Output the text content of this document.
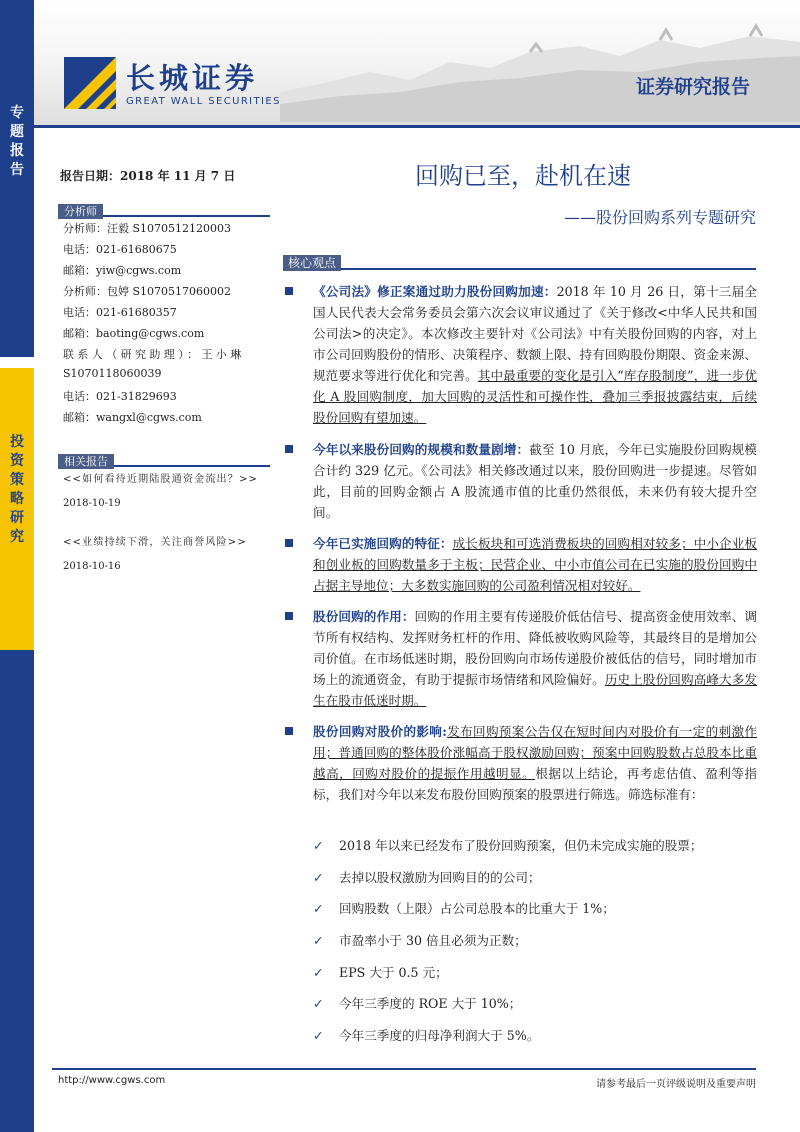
专
题
报
告
投
资
策
略
研
究
长城证券
GREAT WALL SECURITIES
证券研究报告
报告日期：2018 年 11 月 7 日
分析师
分析师：汪毅 S1070512120003
电话：021-61680675
邮箱：yiw@cgws.com
分析师：包婷 S1070517060002
电话：021-61680357
邮箱：baoting@cgws.com
联系人（研究助理）：王小琳
S1070118060039
电话：021-31829693
邮箱：wangxl@cgws.com
相关报告
<<如何看待近期陆股通资金流出？>>
2018-10-19
<<业绩持续下滑，关注商誉风险>>
2018-10-16
回购已至，赴机在速
——股份回购系列专题研究
核心观点

《公司法》修正案通过助力股份回购加速：2018 年 10 月 26 日，第十三届全国人民代表大会常务委员会第六次会议审议通过了《关于修改<中华人民共和国公司法>的决定》。本次修改主要针对《公司法》中有关股份回购的内容，对上市公司回购股份的情形、决策程序、数额上限、持有回购股份期限、资金来源、规范要求等进行优化和完善。其中最重要的变化是引入“库存股制度”，进一步优化 A 股回购制度，加大回购的灵活性和可操作性，叠加三季报披露结束，后续股份回购有望加速。

今年以来股份回购的规模和数量剧增：截至 10 月底，今年已实施股份回购规模合计约 329 亿元。《公司法》相关修改通过以来，股份回购进一步提速。尽管如此，目前的回购金额占 A 股流通市值的比重仍然很低，未来仍有较大提升空间。

今年已实施回购的特征：成长板块和可选消费板块的回购相对较多；中小企业板和创业板的回购数量多于主板；民营企业、中小市值公司在已实施的股份回购中占据主导地位；大多数实施回购的公司盈利情况相对较好。

股份回购的作用：回购的作用主要有传递股价低估信号、提高资金使用效率、调节所有权结构、发挥财务杠杆的作用、降低被收购风险等，其最终目的是增加公司价值。在市场低迷时期，股份回购向市场传递股价被低估的信号，同时增加市场上的流通资金，有助于提振市场情绪和风险偏好。历史上股份回购高峰大多发生在股市低迷时期。

股份回购对股价的影响:发布回购预案公告仅在短时间内对股价有一定的刺激作用；普通回购的整体股价涨幅高于股权激励回购；预案中回购股数占总股本比重越高，回购对股价的提振作用越明显。根据以上结论，再考虑估值、盈利等指标，我们对今年以来发布股份回购预案的股票进行筛选。筛选标准有：

✓ 2018 年以来已经发布了股份回购预案，但仍未完成实施的股票；
✓ 去掉以股权激励为回购目的的公司；
✓ 回购股数（上限）占公司总股本的比重大于 1%；
✓ 市盈率小于 30 倍且必须为正数；
✓ EPS 大于 0.5 元；
✓ 今年三季度的 ROE 大于 10%；
✓ 今年三季度的归母净利润大于 5%。
http://www.cgws.com	请参考最后一页评级说明及重要声明
